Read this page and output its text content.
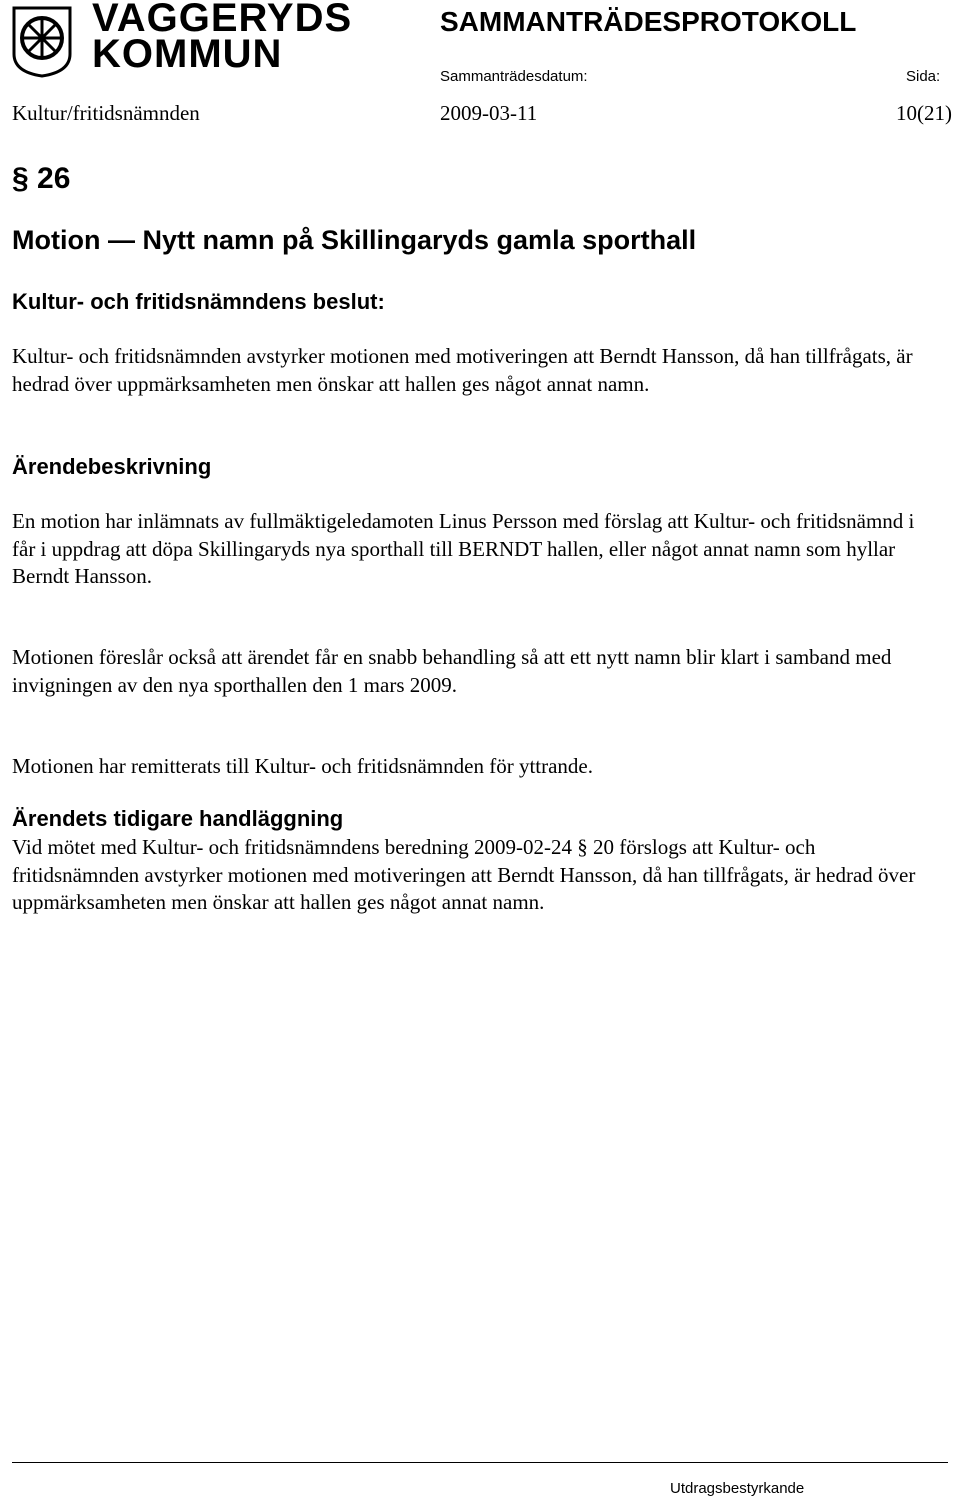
VAGGERYDS
KOMMUN
SAMMANTRÄDESPROTOKOLL
Sammanträdesdatum:	Sida:
Kultur/fritidsnämnden	2009-03-11	10(21)
§ 26
Motion — Nytt namn på Skillingaryds gamla sporthall
Kultur- och fritidsnämndens beslut:
Kultur- och fritidsnämnden avstyrker motionen med motiveringen att Berndt Hansson, då han tillfrågats, är hedrad över uppmärksamheten men önskar att hallen ges något annat namn.
Ärendebeskrivning
En motion har inlämnats av fullmäktigeledamoten Linus Persson med förslag att Kultur- och fritidsnämnd i får i uppdrag att döpa Skillingaryds nya sporthall till BERNDT hallen, eller något annat namn som hyllar Berndt Hansson.
Motionen föreslår också att ärendet får en snabb behandling så att ett nytt namn blir klart i samband med invigningen av den nya sporthallen den 1 mars 2009.
Motionen har remitterats till Kultur- och fritidsnämnden för yttrande.
Ärendets tidigare handläggning
Vid mötet med Kultur- och fritidsnämndens beredning 2009-02-24 § 20 förslogs att Kultur- och fritidsnämnden avstyrker motionen med motiveringen att Berndt Hansson, då han tillfrågats, är hedrad över uppmärksamheten men önskar att hallen ges något annat namn.
Utdragsbestyrkande
